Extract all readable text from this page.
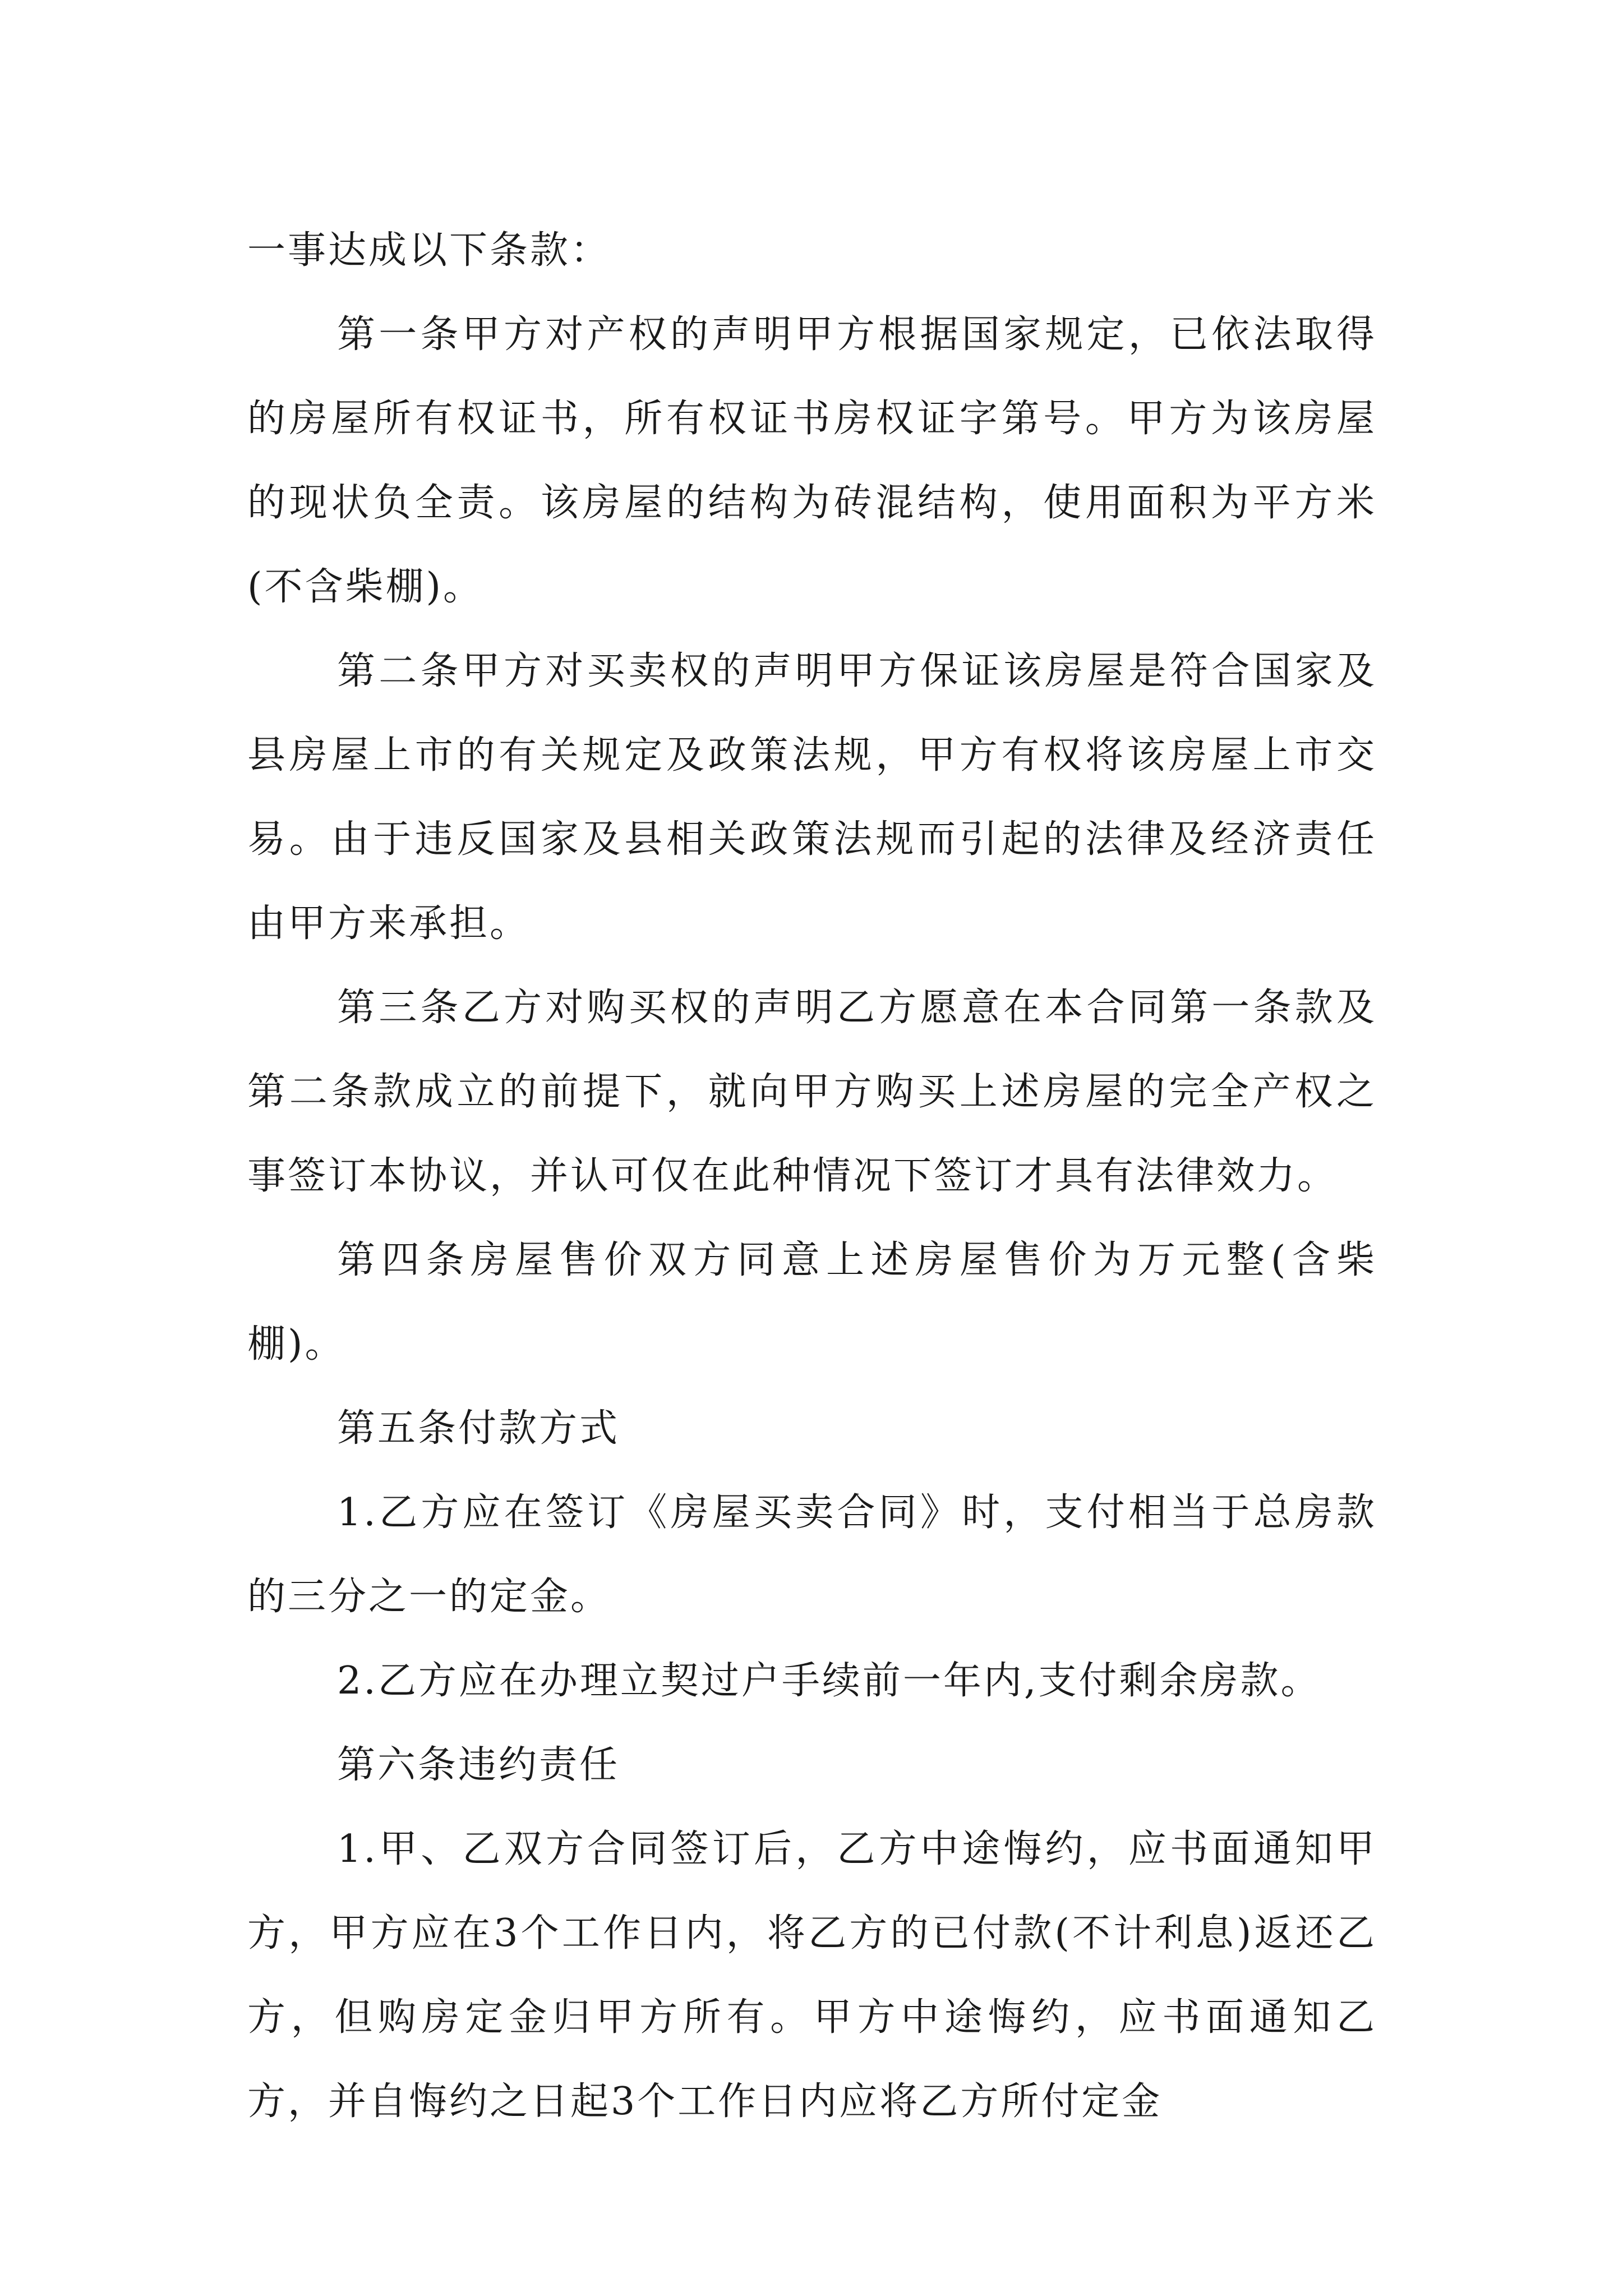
一事达成以下条款：

第一条甲方对产权的声明甲方根据国家规定，已依法取得的房屋所有权证书，所有权证书房权证字第号。甲方为该房屋的现状负全责。该房屋的结构为砖混结构，使用面积为平方米(不含柴棚)。

第二条甲方对买卖权的声明甲方保证该房屋是符合国家及县房屋上市的有关规定及政策法规，甲方有权将该房屋上市交易。由于违反国家及县相关政策法规而引起的法律及经济责任由甲方来承担。

第三条乙方对购买权的声明乙方愿意在本合同第一条款及第二条款成立的前提下，就向甲方购买上述房屋的完全产权之事签订本协议，并认可仅在此种情况下签订才具有法律效力。

第四条房屋售价双方同意上述房屋售价为万元整(含柴棚)。

第五条付款方式

1.乙方应在签订《房屋买卖合同》时，支付相当于总房款的三分之一的定金。

2.乙方应在办理立契过户手续前一年内,支付剩余房款。

第六条违约责任

1.甲、乙双方合同签订后，乙方中途悔约，应书面通知甲方，甲方应在3个工作日内，将乙方的已付款(不计利息)返还乙方，但购房定金归甲方所有。甲方中途悔约，应书面通知乙方，并自悔约之日起3个工作日内应将乙方所付定金
